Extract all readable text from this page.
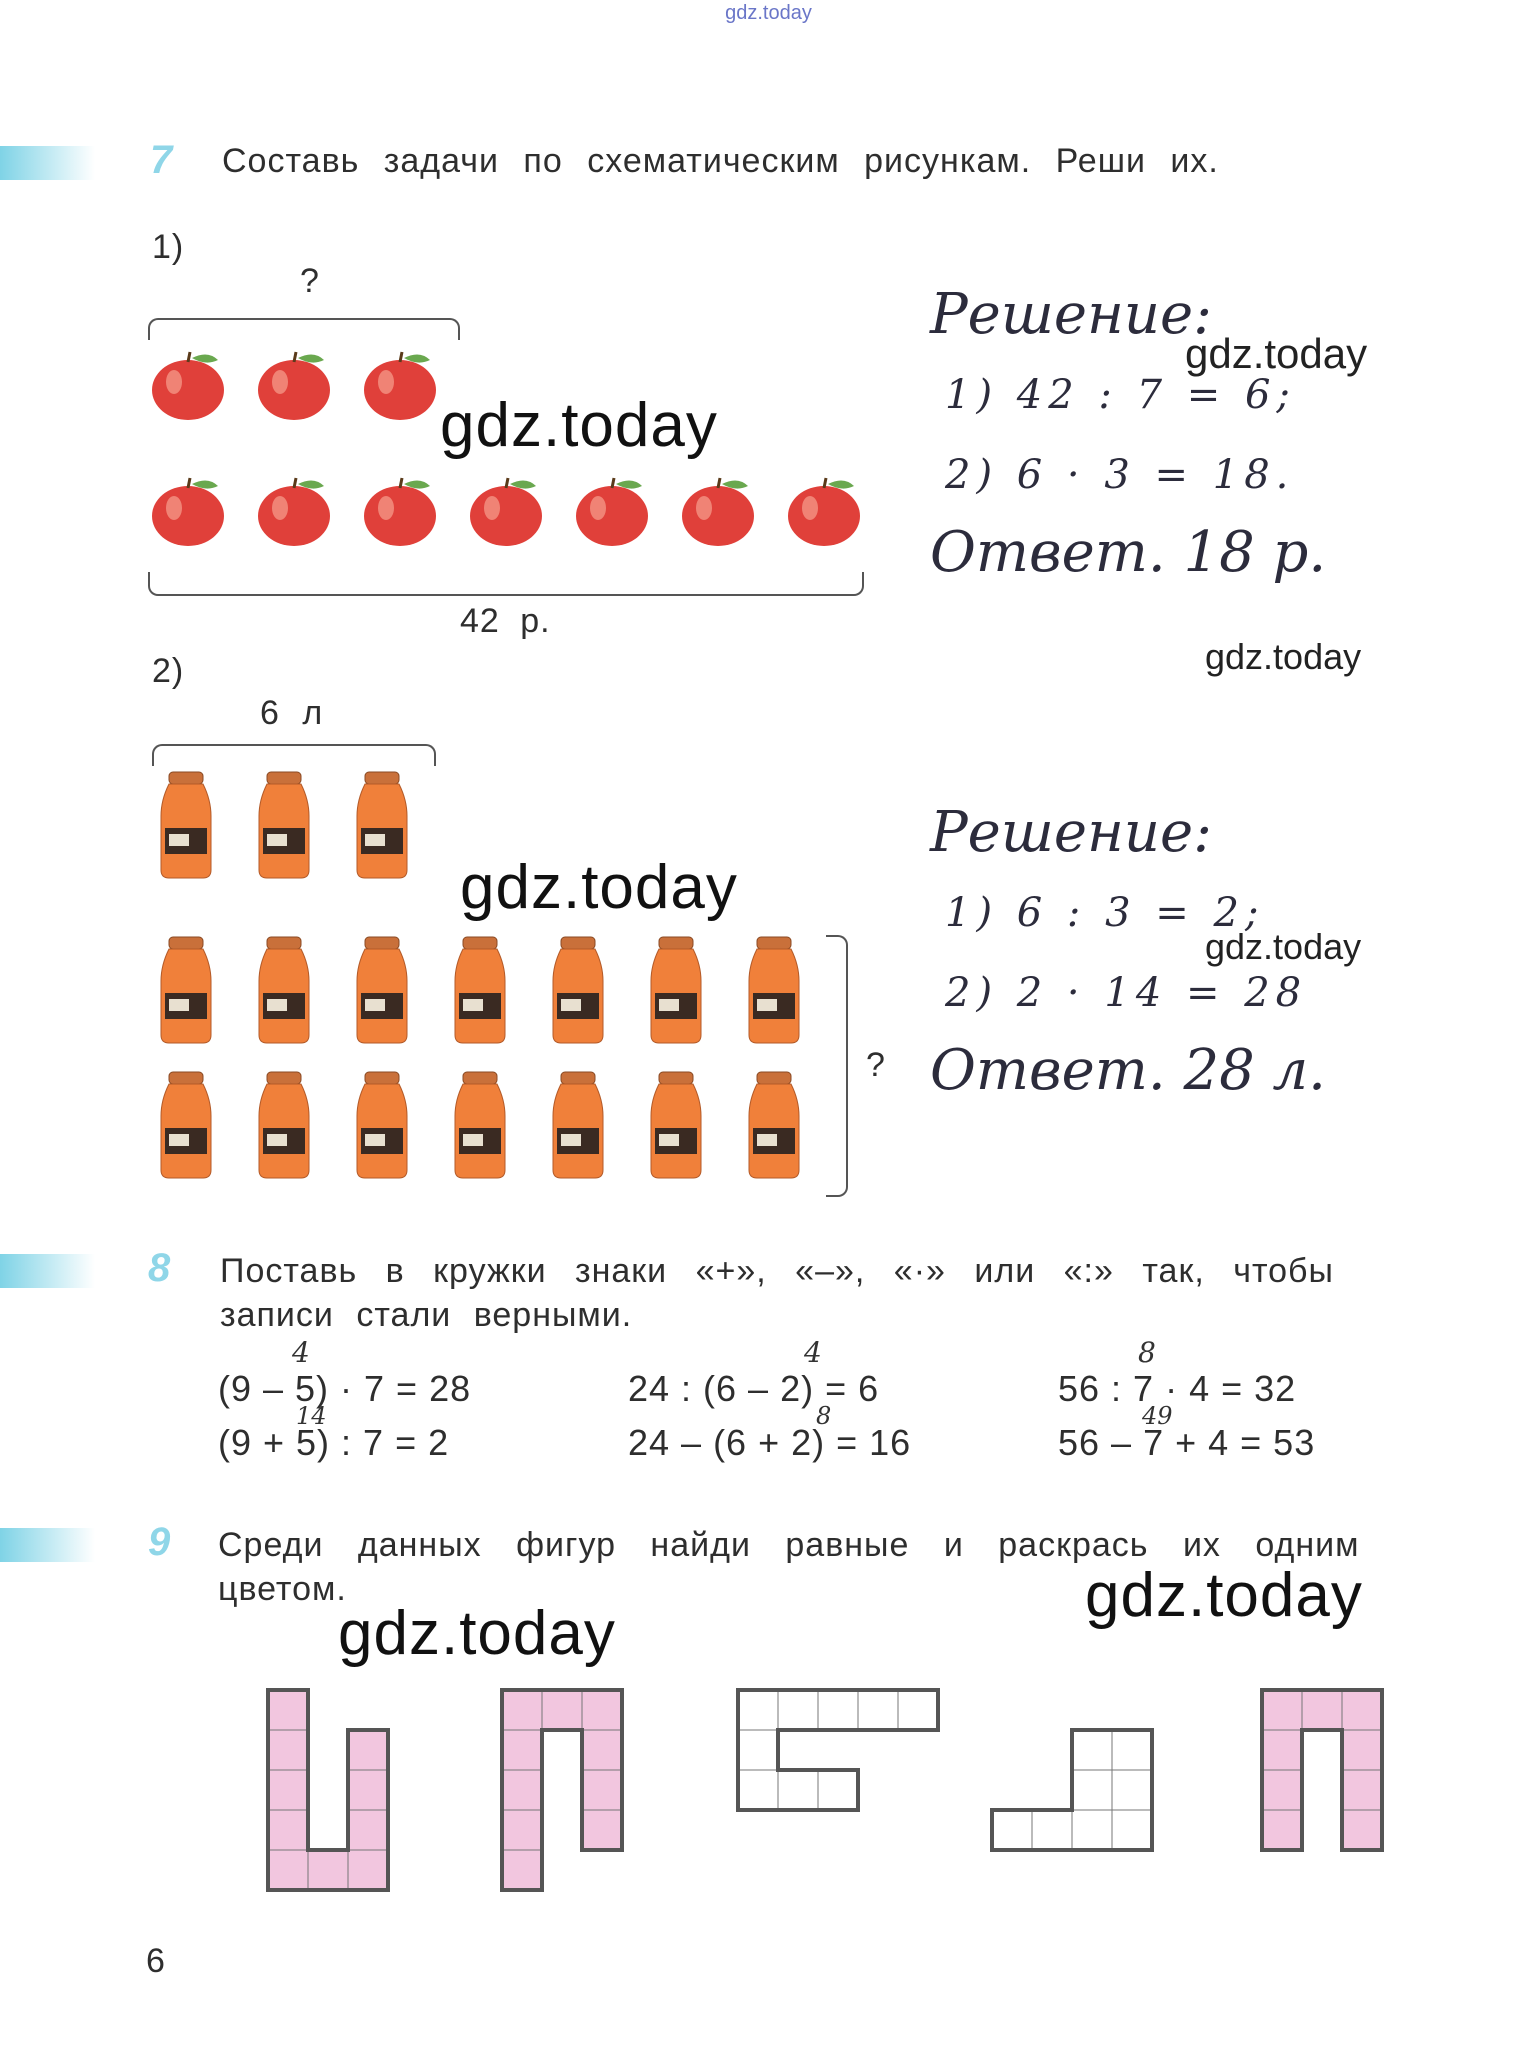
gdz.today
7 Составь задачи по схематическим рисункам. Реши их.
1)
?
42 р.
gdz.today
Решение:
gdz.today
1) 42 : 7 = 6;
2) 6 · 3 = 18.
Ответ. 18 р.
2)	gdz.today
6 л
?
gdz.today
Решение:
1) 6 : 3 = 2;
gdz.today
2) 2 · 14 = 28
Ответ. 28 л.
8 Поставь в кружки знаки «+», «–», «·» или «:» так, чтобы
записи стали верными.
4
(9 – 5) · 7 = 28
14
(9 + 5) : 7 = 2
4
24 : (6 – 2) = 6
8
24 – (6 + 2) = 16
8
56 : 7 · 4 = 32
49
56 – 7 + 4 = 53
9 Среди данных фигур найди равные и раскрась их одним
цветом.
gdz.today
gdz.today
6
